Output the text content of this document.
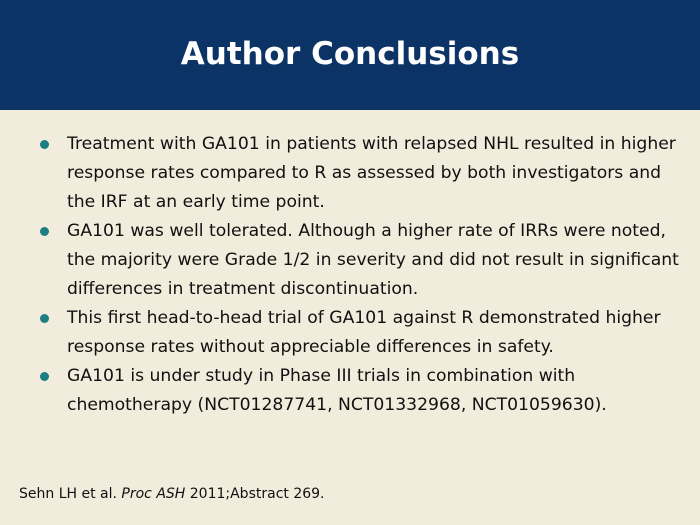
Author Conclusions
Treatment with GA101 in patients with relapsed NHL resulted in higher response rates compared to R as assessed by both investigators and the IRF at an early time point.
GA101 was well tolerated. Although a higher rate of IRRs were noted, the majority were Grade 1/2 in severity and did not result in significant differences in treatment discontinuation.
This first head-to-head trial of GA101 against R demonstrated higher response rates without appreciable differences in safety.
GA101 is under study in Phase III trials in combination with chemotherapy (NCT01287741, NCT01332968, NCT01059630).
Sehn LH et al. Proc ASH 2011;Abstract 269.
